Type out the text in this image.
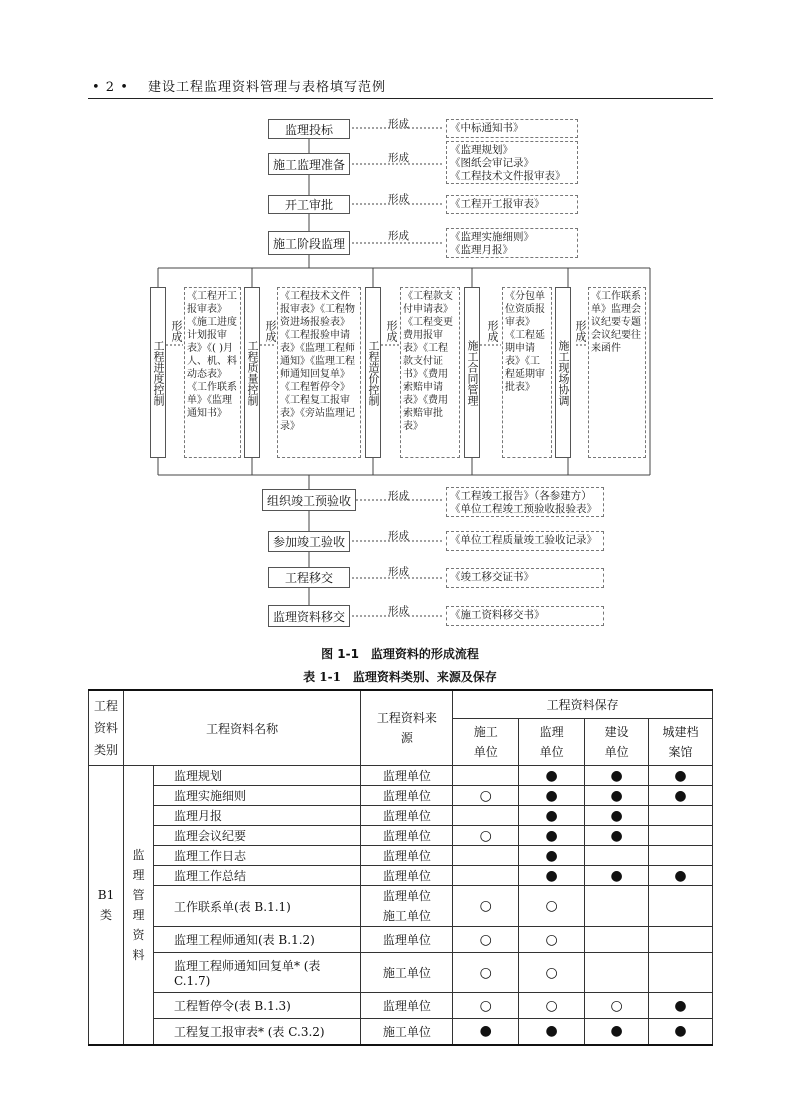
• 2 • 建设工程监理资料管理与表格填写范例
监理投标	形成	《中标通知书》
施工监理准备	形成
《监理规划》
《图纸会审记录》
《工程技术文件报审表》
开工审批	形成	《工程开工报审表》
施工阶段监理
形成	《监理实施细则》
《监理月报》
工程进度控制
形成
《工程开工报审表》《施工进度计划报审表》《( )月人、机、料动态表》《工作联系单》《监理通知书》
工程质量控制
形成
《工程技术文件报审表》《工程物资进场报验表》《工程报验申请表》《监理工程师通知》《监理工程师通知回复单》《工程暂停令》《工程复工报审表》《旁站监理记录》
工程造价控制
形成
《工程款支付申请表》《工程变更费用报审表》《工程款支付证书》《费用索赔申请表》《费用索赔审批表》
施工合同管理
形成
《分包单位资质报审表》《工程延期申请表》《工程延期审批表》	施工现场协调
形成
《工作联系单》监理会议纪要专题会议纪要往来函件
组织竣工预验收	形成	《工程竣工报告》（各参建方）
《单位工程竣工预验收报验表》
参加竣工验收	形成	《单位工程质量竣工验收记录》
工程移交	形成	《竣工移交证书》
监理资料移交	形成	《施工资料移交书》
图 1-1　监理资料的形成流程
表 1-1　监理资料类别、来源及保存
工程资料类别	工程资料名称		工程资料来源	工程资料保存			
				施工单位	监理单位	建设单位	城建档案馆
B1类	监理管理资料	监理规划	监理单位		●	●	●
		监理实施细则	监理单位	○	●	●	●
		监理月报	监理单位		●	●	
		监理会议纪要	监理单位	○	●	●	
		监理工作日志	监理单位		●		
		监理工作总结	监理单位		●	●	●
		工作联系单(表 B.1.1)	监理单位 施工单位	○	○		
		监理工程师通知(表 B.1.2)	监理单位	○	○		
		监理工程师通知回复单* (表 C.1.7)	施工单位	○	○		
		工程暂停令(表 B.1.3)	监理单位	○	○	○	●
		工程复工报审表* (表 C.3.2)	施工单位	●	●	●	●
